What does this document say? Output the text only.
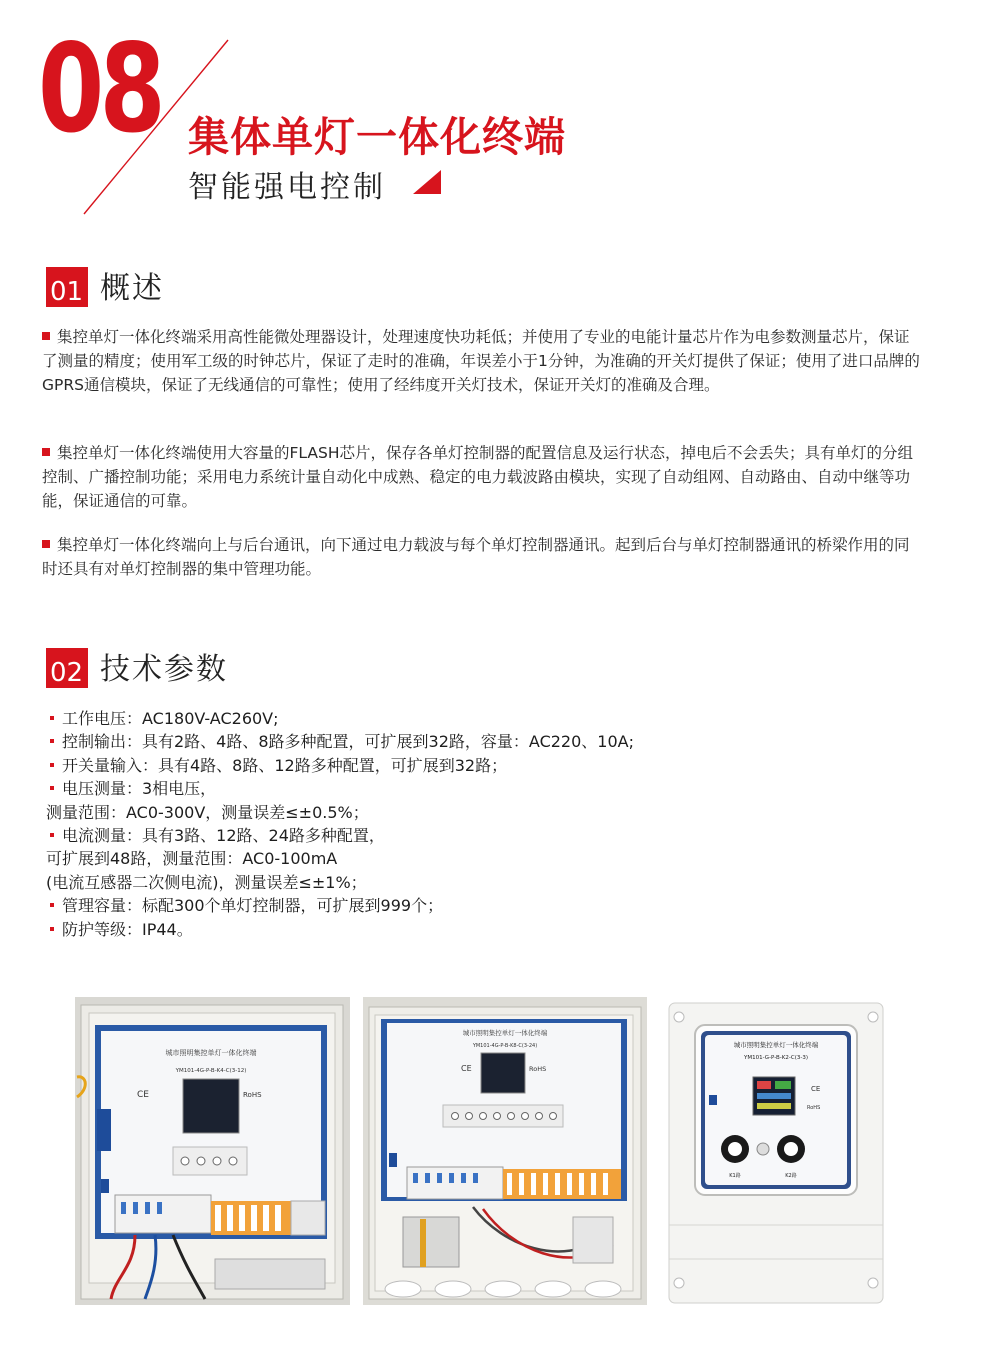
08 集体单灯一体化终端
智能强电控制
01 概述
集控单灯一体化终端采用高性能微处理器设计，处理速度快功耗低；并使用了专业的电能计量芯片作为电参数测量芯片，保证了测量的精度；使用军工级的时钟芯片，保证了走时的准确，年误差小于1分钟，为准确的开关灯提供了保证；使用了进口品牌的GPRS通信模块，保证了无线通信的可靠性；使用了经纬度开关灯技术，保证开关灯的准确及合理。
集控单灯一体化终端使用大容量的FLASH芯片，保存各单灯控制器的配置信息及运行状态，掉电后不会丢失；具有单灯的分组控制、广播控制功能；采用电力系统计量自动化中成熟、稳定的电力载波路由模块，实现了自动组网、自动路由、自动中继等功能，保证通信的可靠。
集控单灯一体化终端向上与后台通讯，向下通过电力载波与每个单灯控制器通讯。起到后台与单灯控制器通讯的桥梁作用的同时还具有对单灯控制器的集中管理功能。
02 技术参数
工作电压：AC180V-AC260V;
控制输出：具有2路、4路、8路多种配置，可扩展到32路，容量：AC220、10A;
开关量输入：具有4路、8路、12路多种配置，可扩展到32路；
电压测量：3相电压，
测量范围：AC0-300V，测量误差≤±0.5%；
电流测量：具有3路、12路、24路多种配置，
可扩展到48路，测量范围：AC0-100mA
(电流互感器二次侧电流)，测量误差≤±1%；
管理容量：标配300个单灯控制器，可扩展到999个；
防护等级：IP44。
城市照明集控单灯一体化终端
YM101-4G-P-B-K4-C(3-12)
CE	RoHS
城市照明集控单灯一体化终端
YM101-4G-P-B-K8-C(3-24)
CE	RoHS
城市照明集控单灯一体化终端
YM101-G-P-B-K2-C(3-3)
CE
RoHS
K1路	K2路
